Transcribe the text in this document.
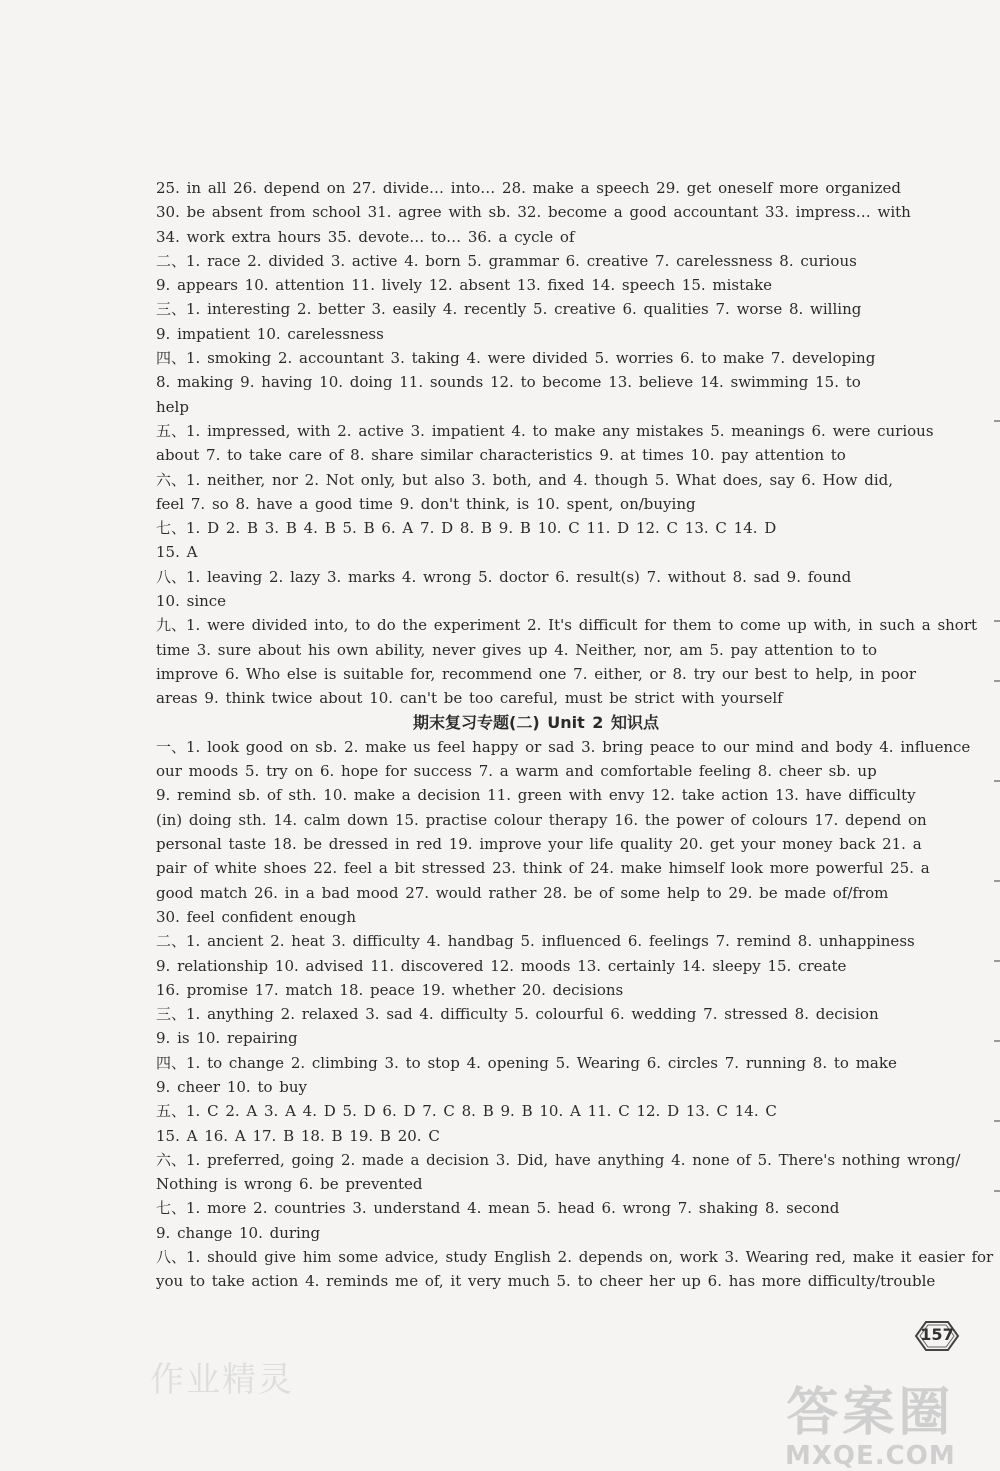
25. in all 26. depend on 27. divide… into… 28. make a speech 29. get oneself more organized
30. be absent from school 31. agree with sb. 32. become a good accountant 33. impress… with
34. work extra hours 35. devote… to… 36. a cycle of
二、1. race 2. divided 3. active 4. born 5. grammar 6. creative 7. carelessness 8. curious
9. appears 10. attention 11. lively 12. absent 13. fixed 14. speech 15. mistake
三、1. interesting 2. better 3. easily 4. recently 5. creative 6. qualities 7. worse 8. willing
9. impatient 10. carelessness
四、1. smoking 2. accountant 3. taking 4. were divided 5. worries 6. to make 7. developing
8. making 9. having 10. doing 11. sounds 12. to become 13. believe 14. swimming 15. to
help
五、1. impressed, with 2. active 3. impatient 4. to make any mistakes 5. meanings 6. were curious
about 7. to take care of 8. share similar characteristics 9. at times 10. pay attention to
六、1. neither, nor 2. Not only, but also 3. both, and 4. though 5. What does, say 6. How did,
feel 7. so 8. have a good time 9. don't think, is 10. spent, on/buying
七、1. D 2. B 3. B 4. B 5. B 6. A 7. D 8. B 9. B 10. C 11. D 12. C 13. C 14. D
15. A
八、1. leaving 2. lazy 3. marks 4. wrong 5. doctor 6. result(s) 7. without 8. sad 9. found
10. since
九、1. were divided into, to do the experiment 2. It's difficult for them to come up with, in such a short
time 3. sure about his own ability, never gives up 4. Neither, nor, am 5. pay attention to to
improve 6. Who else is suitable for, recommend one 7. either, or 8. try our best to help, in poor
areas 9. think twice about 10. can't be too careful, must be strict with yourself
期末复习专题(二) Unit 2 知识点
一、1. look good on sb. 2. make us feel happy or sad 3. bring peace to our mind and body 4. influence
our moods 5. try on 6. hope for success 7. a warm and comfortable feeling 8. cheer sb. up
9. remind sb. of sth. 10. make a decision 11. green with envy 12. take action 13. have difficulty
(in) doing sth. 14. calm down 15. practise colour therapy 16. the power of colours 17. depend on
personal taste 18. be dressed in red 19. improve your life quality 20. get your money back 21. a
pair of white shoes 22. feel a bit stressed 23. think of 24. make himself look more powerful 25. a
good match 26. in a bad mood 27. would rather 28. be of some help to 29. be made of/from
30. feel confident enough
二、1. ancient 2. heat 3. difficulty 4. handbag 5. influenced 6. feelings 7. remind 8. unhappiness
9. relationship 10. advised 11. discovered 12. moods 13. certainly 14. sleepy 15. create
16. promise 17. match 18. peace 19. whether 20. decisions
三、1. anything 2. relaxed 3. sad 4. difficulty 5. colourful 6. wedding 7. stressed 8. decision
9. is 10. repairing
四、1. to change 2. climbing 3. to stop 4. opening 5. Wearing 6. circles 7. running 8. to make
9. cheer 10. to buy
五、1. C 2. A 3. A 4. D 5. D 6. D 7. C 8. B 9. B 10. A 11. C 12. D 13. C 14. C
15. A 16. A 17. B 18. B 19. B 20. C
六、1. preferred, going 2. made a decision 3. Did, have anything 4. none of 5. There's nothing wrong/
Nothing is wrong 6. be prevented
七、1. more 2. countries 3. understand 4. mean 5. head 6. wrong 7. shaking 8. second
9. change 10. during
八、1. should give him some advice, study English 2. depends on, work 3. Wearing red, make it easier for
you to take action 4. reminds me of, it very much 5. to cheer her up 6. has more difficulty/trouble
157
作业精灵
答案圈
MXQE.COM
